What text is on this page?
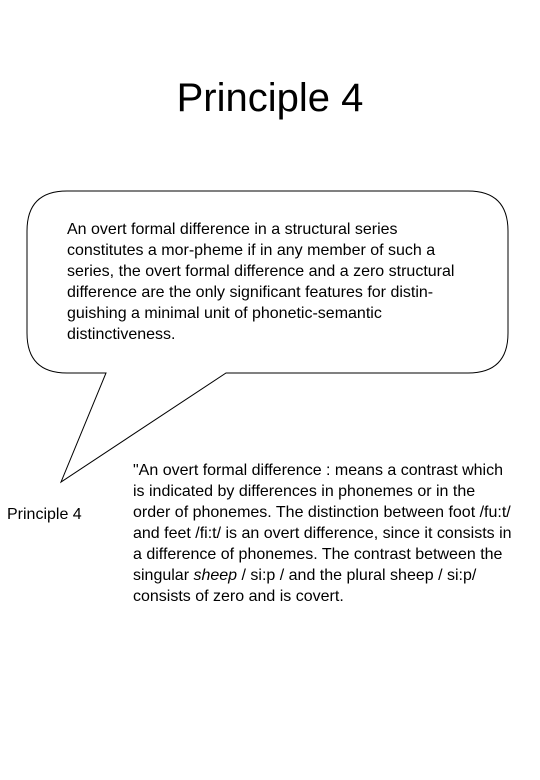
Principle 4

An overt formal difference in a structural series constitutes a mor-pheme if in any member of such a series, the overt formal difference and a zero structural difference are the only significant features for distin-guishing a minimal unit of phonetic-semantic distinctiveness.

Principle 4

"An overt formal difference : means a contrast which is indicated by differences in phonemes or in the order of phonemes. The distinction between foot /fu:t/ and feet /fi:t/ is an overt difference, since it consists in a difference of phonemes. The contrast between the singular sheep / si:p / and the plural sheep / si:p/ consists of zero and is covert.
